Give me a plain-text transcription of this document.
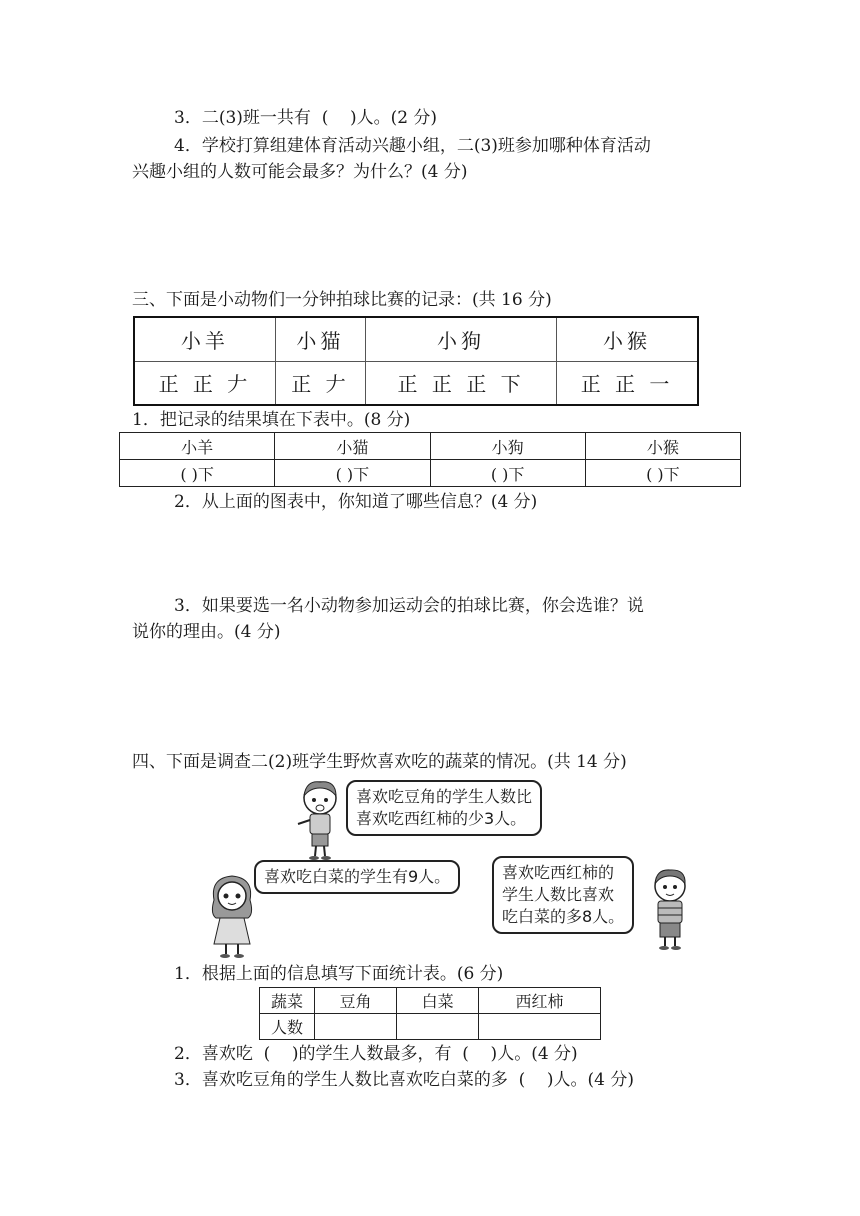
3．二(3)班一共有  (    )人。(2 分)
4．学校打算组建体育活动兴趣小组，二(3)班参加哪种体育活动
兴趣小组的人数可能会最多？为什么？(4 分)
三、下面是小动物们一分钟拍球比赛的记录：(共 16 分)
小羊	小猫	小狗	小猴
正 正 𠂇	正 𠂇	正 正 正 下	正 正 一
1．把记录的结果填在下表中。(8 分)
小羊	小猫	小狗	小猴
( )下	( )下	( )下	( )下
2．从上面的图表中，你知道了哪些信息？(4 分)
3．如果要选一名小动物参加运动会的拍球比赛，你会选谁？说
说你的理由。(4 分)
四、下面是调查二(2)班学生野炊喜欢吃的蔬菜的情况。(共 14 分)
喜欢吃豆角的学生人数比
喜欢吃西红柿的少3人。
喜欢吃白菜的学生有9人。	喜欢吃西红柿的
学生人数比喜欢
吃白菜的多8人。
1．根据上面的信息填写下面统计表。(6 分)
蔬菜	豆角	白菜	西红柿
人数			
2．喜欢吃  (    )的学生人数最多，有  (    )人。(4 分)
3．喜欢吃豆角的学生人数比喜欢吃白菜的多  (    )人。(4 分)
